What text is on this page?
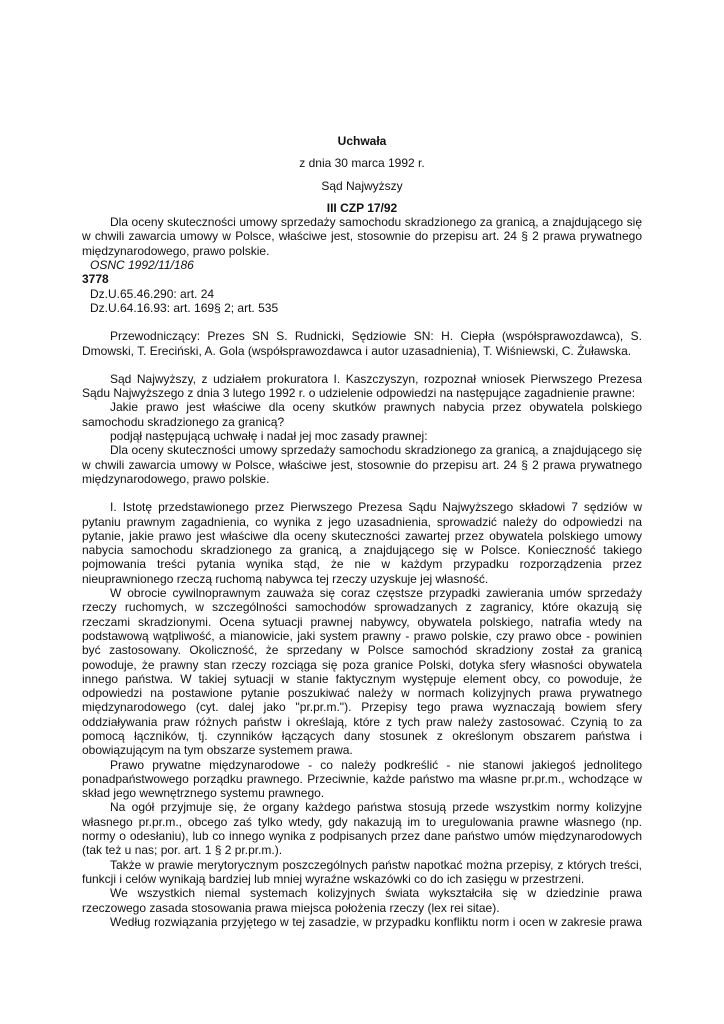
Uchwała
z dnia 30 marca 1992 r.
Sąd Najwyższy
III CZP 17/92

Dla oceny skuteczności umowy sprzedaży samochodu skradzionego za granicą, a znajdującego się w chwili zawarcia umowy w Polsce, właściwe jest, stosownie do przepisu art. 24 § 2 prawa prywatnego międzynarodowego, prawo polskie.

OSNC 1992/11/186
3778
Dz.U.65.46.290: art. 24
Dz.U.64.16.93: art. 169§ 2; art. 535

Przewodniczący: Prezes SN S. Rudnicki, Sędziowie SN: H. Ciepła (współsprawozdawca), S. Dmowski, T. Ereciński, A. Gola (współsprawozdawca i autor uzasadnienia), T. Wiśniewski, C. Żuławska.

Sąd Najwyższy, z udziałem prokuratora I. Kaszczyszyn, rozpoznał wniosek Pierwszego Prezesa Sądu Najwyższego z dnia 3 lutego 1992 r. o udzielenie odpowiedzi na następujące zagadnienie prawne:

Jakie prawo jest właściwe dla oceny skutków prawnych nabycia przez obywatela polskiego samochodu skradzionego za granicą?

podjął następującą uchwałę i nadał jej moc zasady prawnej:

Dla oceny skuteczności umowy sprzedaży samochodu skradzionego za granicą, a znajdującego się w chwili zawarcia umowy w Polsce, właściwe jest, stosownie do przepisu art. 24 § 2 prawa prywatnego międzynarodowego, prawo polskie.

I. Istotę przedstawionego przez Pierwszego Prezesa Sądu Najwyższego składowi 7 sędziów w pytaniu prawnym zagadnienia, co wynika z jego uzasadnienia, sprowadzić należy do odpowiedzi na pytanie, jakie prawo jest właściwe dla oceny skuteczności zawartej przez obywatela polskiego umowy nabycia samochodu skradzionego za granicą, a znajdującego się w Polsce. Konieczność takiego pojmowania treści pytania wynika stąd, że nie w każdym przypadku rozporządzenia przez nieuprawnionego rzeczą ruchomą nabywca tej rzeczy uzyskuje jej własność.

W obrocie cywilnoprawnym zauważa się coraz częstsze przypadki zawierania umów sprzedaży rzeczy ruchomych, w szczególności samochodów sprowadzanych z zagranicy, które okazują się rzeczami skradzionymi. Ocena sytuacji prawnej nabywcy, obywatela polskiego, natrafia wtedy na podstawową wątpliwość, a mianowicie, jaki system prawny - prawo polskie, czy prawo obce - powinien być zastosowany. Okoliczność, że sprzedany w Polsce samochód skradziony został za granicą powoduje, że prawny stan rzeczy rozciąga się poza granice Polski, dotyka sfery własności obywatela innego państwa. W takiej sytuacji w stanie faktycznym występuje element obcy, co powoduje, że odpowiedzi na postawione pytanie poszukiwać należy w normach kolizyjnych prawa prywatnego międzynarodowego (cyt. dalej jako "pr.pr.m."). Przepisy tego prawa wyznaczają bowiem sfery oddziaływania praw różnych państw i określają, które z tych praw należy zastosować. Czynią to za pomocą łączników, tj. czynników łączących dany stosunek z określonym obszarem państwa i obowiązującym na tym obszarze systemem prawa.

Prawo prywatne międzynarodowe - co należy podkreślić - nie stanowi jakiegoś jednolitego ponadpaństwowego porządku prawnego. Przeciwnie, każde państwo ma własne pr.pr.m., wchodzące w skład jego wewnętrznego systemu prawnego.

Na ogół przyjmuje się, że organy każdego państwa stosują przede wszystkim normy kolizyjne własnego pr.pr.m., obcego zaś tylko wtedy, gdy nakazują im to uregulowania prawne własnego (np. normy o odesłaniu), lub co innego wynika z podpisanych przez dane państwo umów międzynarodowych (tak też u nas; por. art. 1 § 2 pr.pr.m.).

Także w prawie merytorycznym poszczególnych państw napotkać można przepisy, z których treści, funkcji i celów wynikają bardziej lub mniej wyraźne wskazówki co do ich zasięgu w przestrzeni.

We wszystkich niemal systemach kolizyjnych świata wykształciła się w dziedzinie prawa rzeczowego zasada stosowania prawa miejsca położenia rzeczy (lex rei sitae).

Według rozwiązania przyjętego w tej zasadzie, w przypadku konfliktu norm i ocen w zakresie prawa
